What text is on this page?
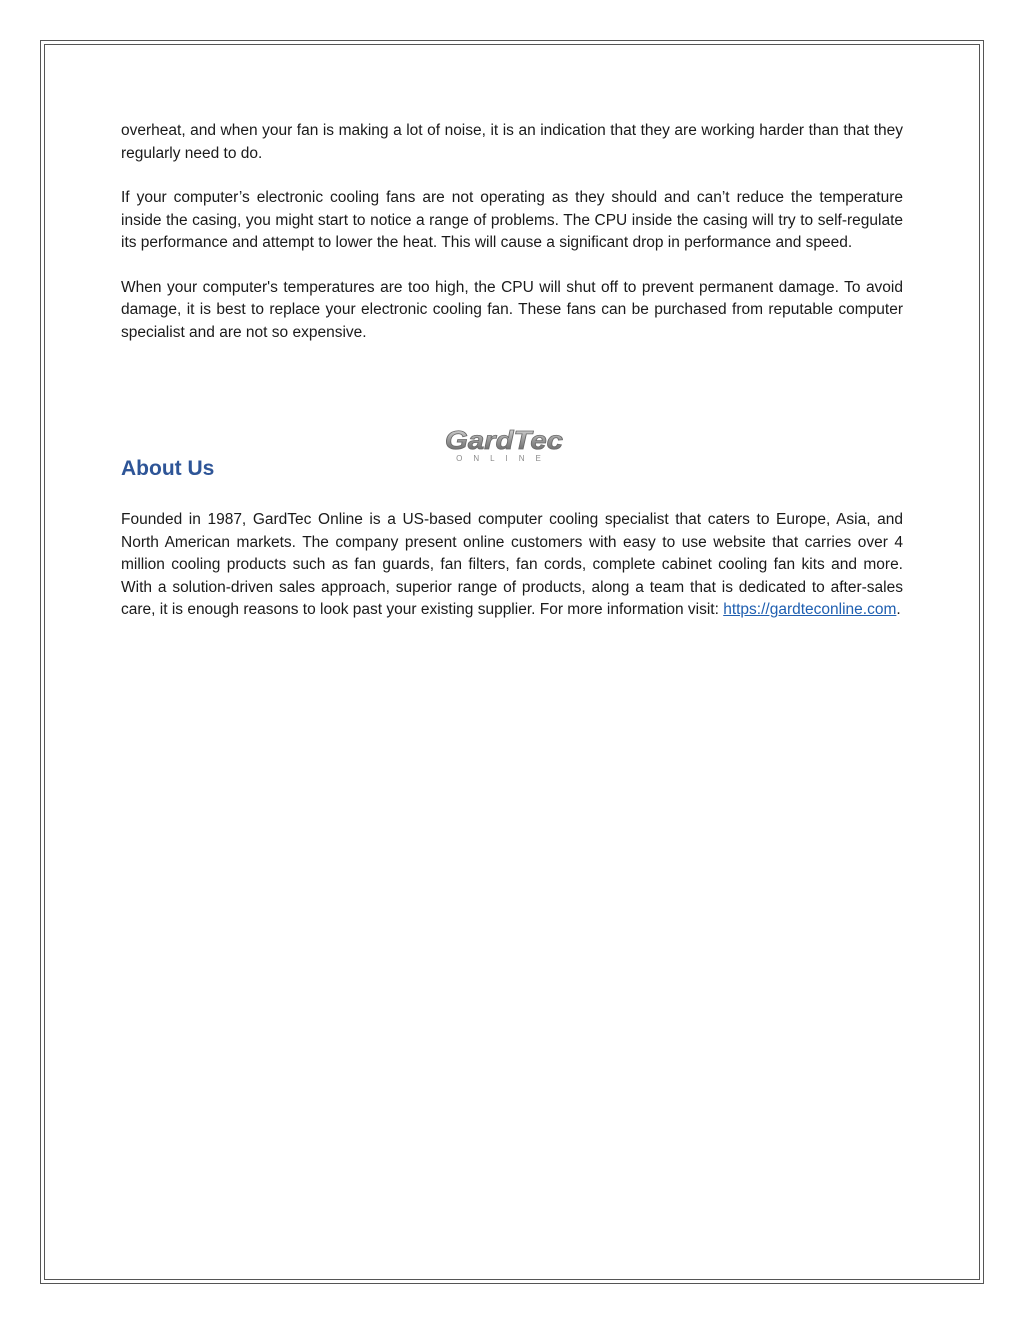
overheat, and when your fan is making a lot of noise, it is an indication that they are working harder than that they regularly need to do.

If your computer’s electronic cooling fans are not operating as they should and can’t reduce the temperature inside the casing, you might start to notice a range of problems. The CPU inside the casing will try to self-regulate its performance and attempt to lower the heat. This will cause a significant drop in performance and speed.

When your computer's temperatures are too high, the CPU will shut off to prevent permanent damage. To avoid damage, it is best to replace your electronic cooling fan. These fans can be purchased from reputable computer specialist and are not so expensive.

GardTec
ONLINE
About Us

Founded in 1987, GardTec Online is a US-based computer cooling specialist that caters to Europe, Asia, and North American markets. The company present online customers with easy to use website that carries over 4 million cooling products such as fan guards, fan filters, fan cords, complete cabinet cooling fan kits and more. With a solution-driven sales approach, superior range of products, along a team that is dedicated to after-sales care, it is enough reasons to look past your existing supplier. For more information visit: https://gardteconline.com.
